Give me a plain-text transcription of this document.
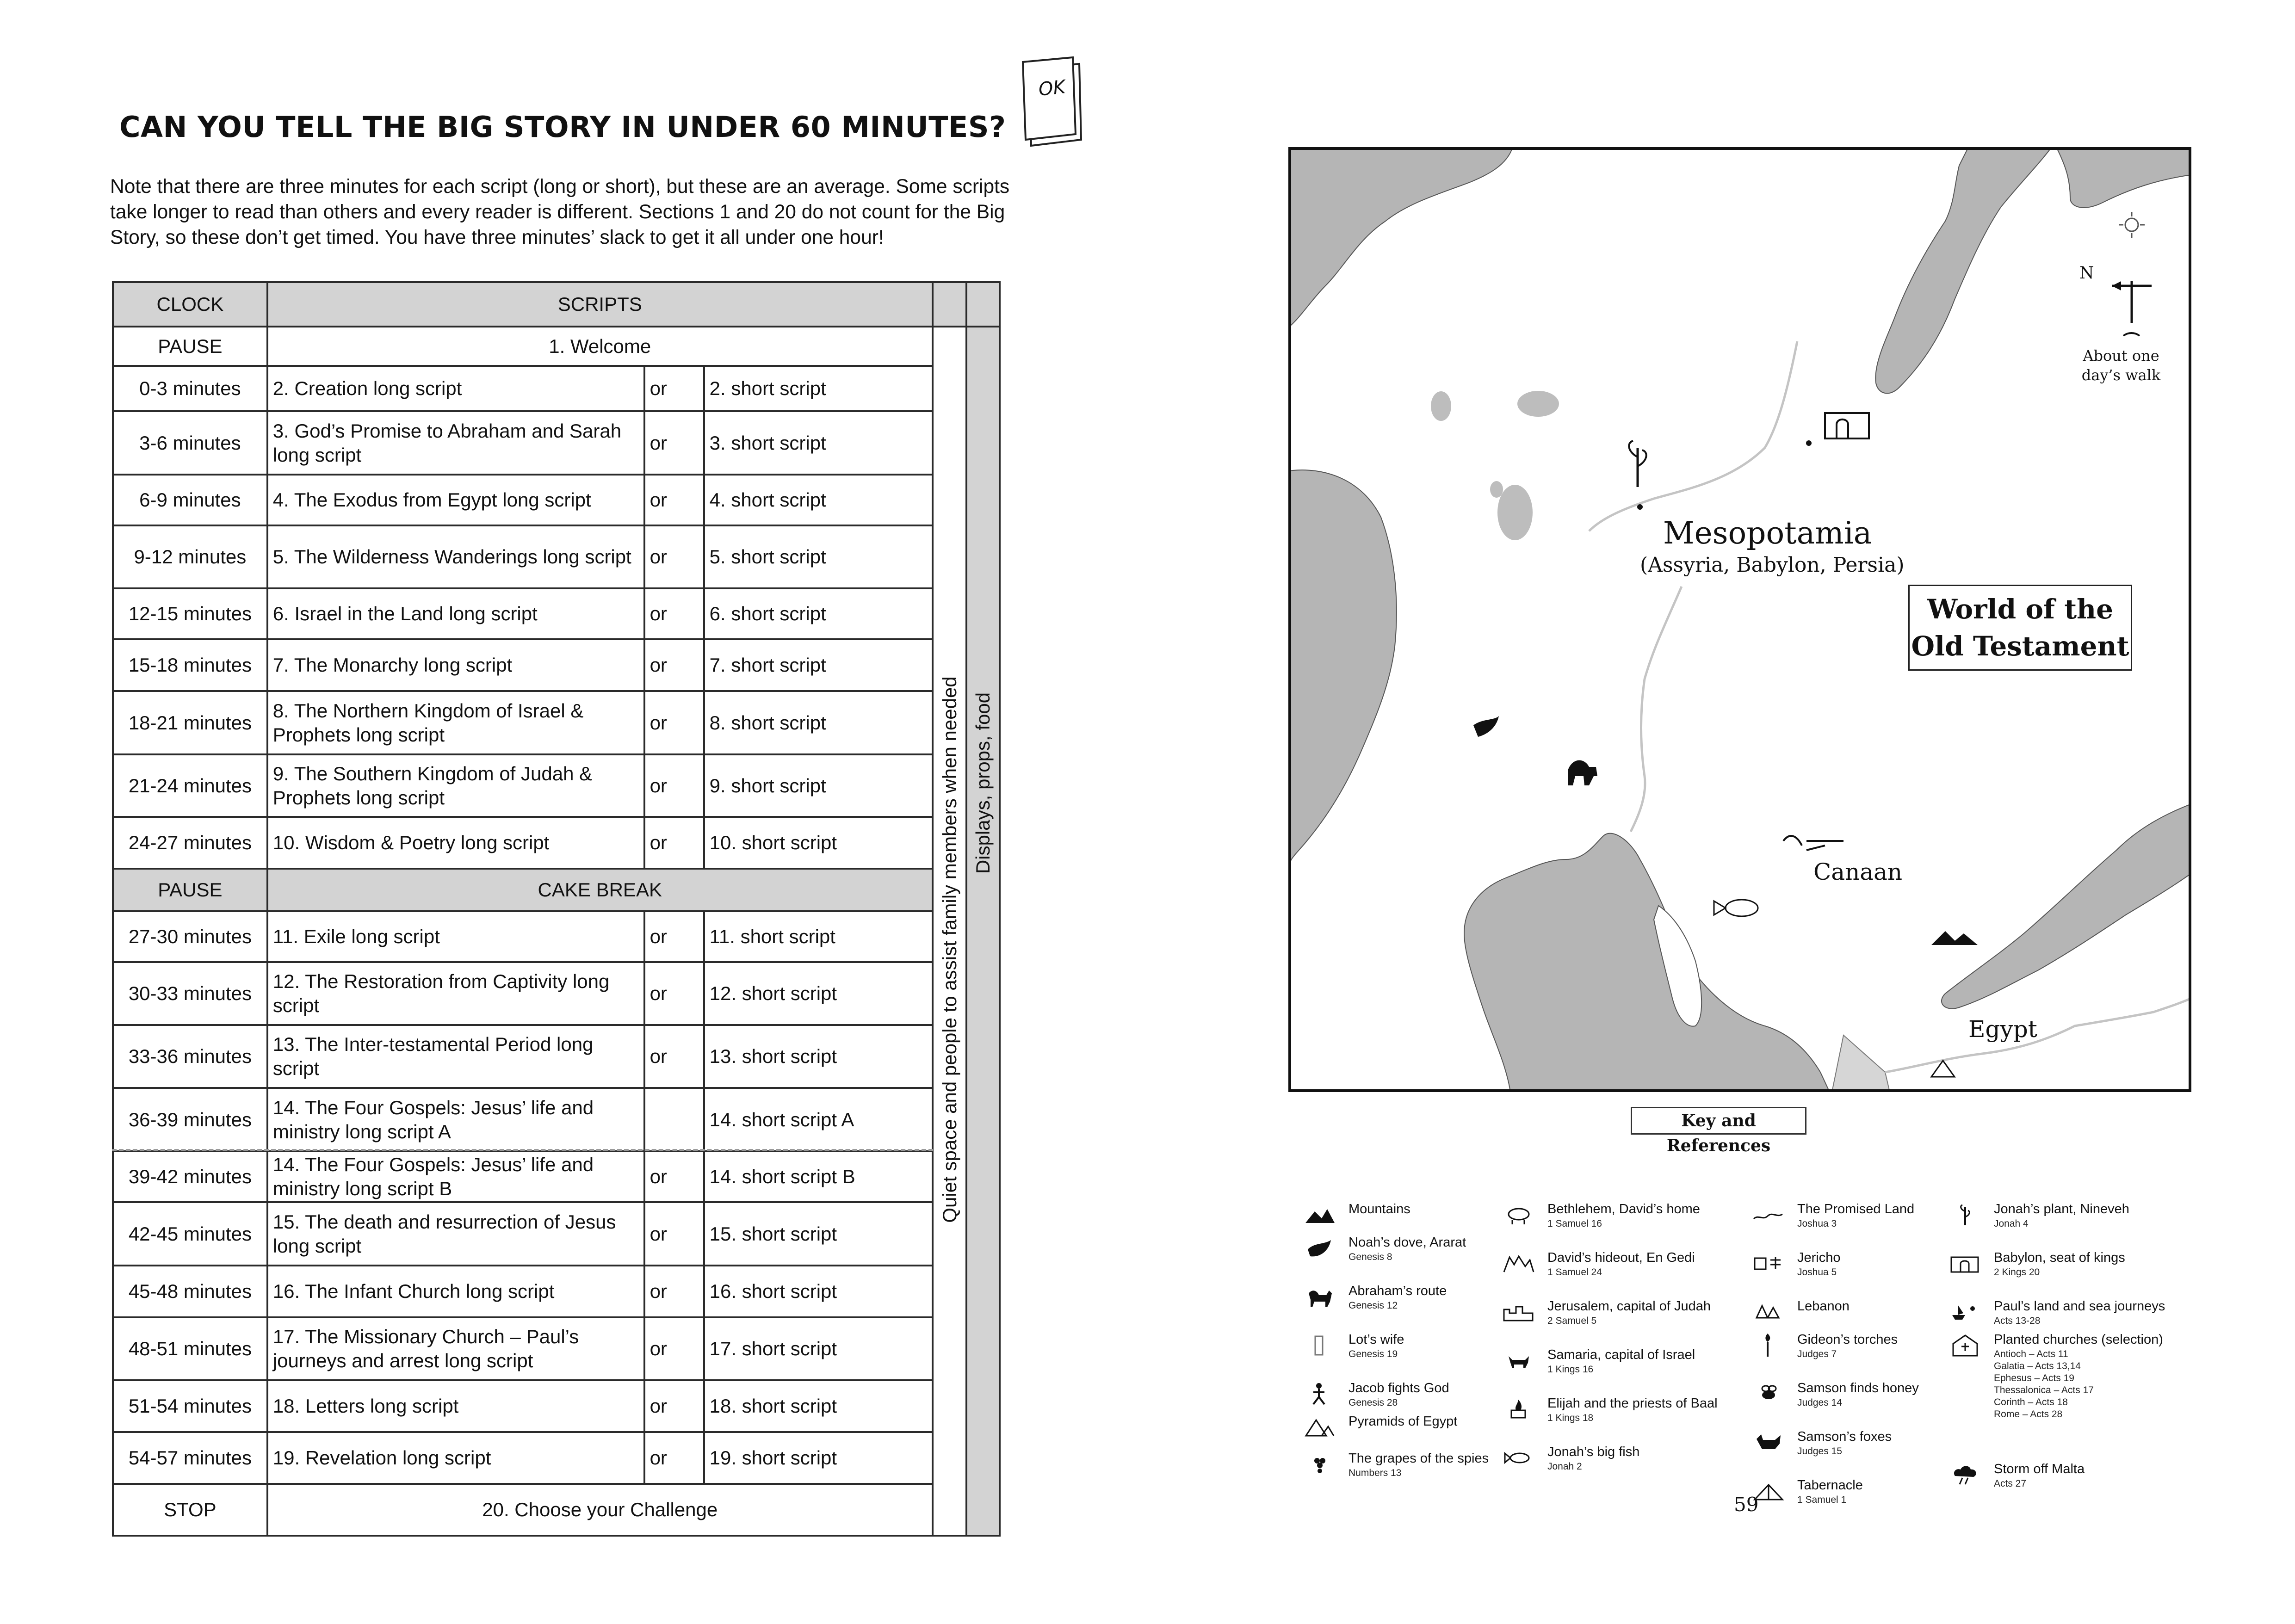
CAN YOU TELL THE BIG STORY IN UNDER 60 MINUTES?
OK

Note that there are three minutes for each script (long or short), but these are an average. Some scripts take longer to read than others and every reader is different. Sections 1 and 20 do not count for the Big Story, so these don’t get timed. You have three minutes’ slack to get it all under one hour!

CLOCK	SCRIPTS				
PAUSE	1. Welcome			Quiet space and people to assist family members when needed	Displays, props, food

0-3 minutes	2. Creation long script	or	2. short script		
3-6 minutes	3. God’s Promise to Abraham and Sarah long script	or	3. short script		
6-9 minutes	4. The Exodus from Egypt long script	or	4. short script		
9-12 minutes	5. The Wilderness Wanderings long script	or	5. short script		
12-15 minutes	6. Israel in the Land long script	or	6. short script		
15-18 minutes	7. The Monarchy long script	or	7. short script		
18-21 minutes	8. The Northern Kingdom of Israel & Prophets long script	or	8. short script		
21-24 minutes	9. The Southern Kingdom of Judah & Prophets long script	or	9. short script		
24-27 minutes	10. Wisdom & Poetry long script	or	10. short script		
PAUSE	CAKE BREAK				
27-30 minutes	11. Exile long script	or	11. short script		
30-33 minutes	12. The Restoration from Captivity long script	or	12. short script		
33-36 minutes	13. The Inter-testamental Period long script	or	13. short script		
36-39 minutes	14. The Four Gospels: Jesus’ life and ministry long script A		14. short script A		
39-42 minutes	14. The Four Gospels: Jesus’ life and ministry long script B	or	14. short script B		
42-45 minutes	15. The death and resurrection of Jesus long script	or	15. short script		
45-48 minutes	16. The Infant Church long script	or	16. short script		
48-51 minutes	17. The Missionary Church – Paul’s journeys and arrest long script	or	17. short script		
51-54 minutes	18. Letters long script	or	18. short script		
54-57 minutes	19. Revelation long script	or	19. short script		
STOP	20. Choose your Challenge				
Mesopotamia
(Assyria, Babylon, Persia)
Canaan
Egypt
N
About one day’s walk
World of the
Old Testament
Key and References
Mountains
Noah’s dove, Ararat
Genesis 8
Abraham’s route
Genesis 12
Lot’s wife
Genesis 19
Jacob fights God
Genesis 28
Pyramids of Egypt
The grapes of the spies
Numbers 13
Bethlehem, David’s home
1 Samuel 16
David’s hideout, En Gedi
1 Samuel 24
Jerusalem, capital of Judah
2 Samuel 5
Samaria, capital of Israel
1 Kings 16
Elijah and the priests of Baal
1 Kings 18
Jonah’s big fish
Jonah 2
The Promised Land
Joshua 3
Jericho
Joshua 5
Lebanon
Gideon’s torches
Judges 7
Samson finds honey
Judges 14
Samson’s foxes
Judges 15
Tabernacle
1 Samuel 1
Jonah’s plant, Nineveh
Jonah 4
Babylon, seat of kings
2 Kings 20
Paul’s land and sea journeys
Acts 13-28
Planted churches (selection)
Antioch – Acts 11
Galatia – Acts 13,14
Ephesus – Acts 19
Thessalonica – Acts 17
Corinth – Acts 18
Rome – Acts 28
Storm off Malta
Acts 27
59
